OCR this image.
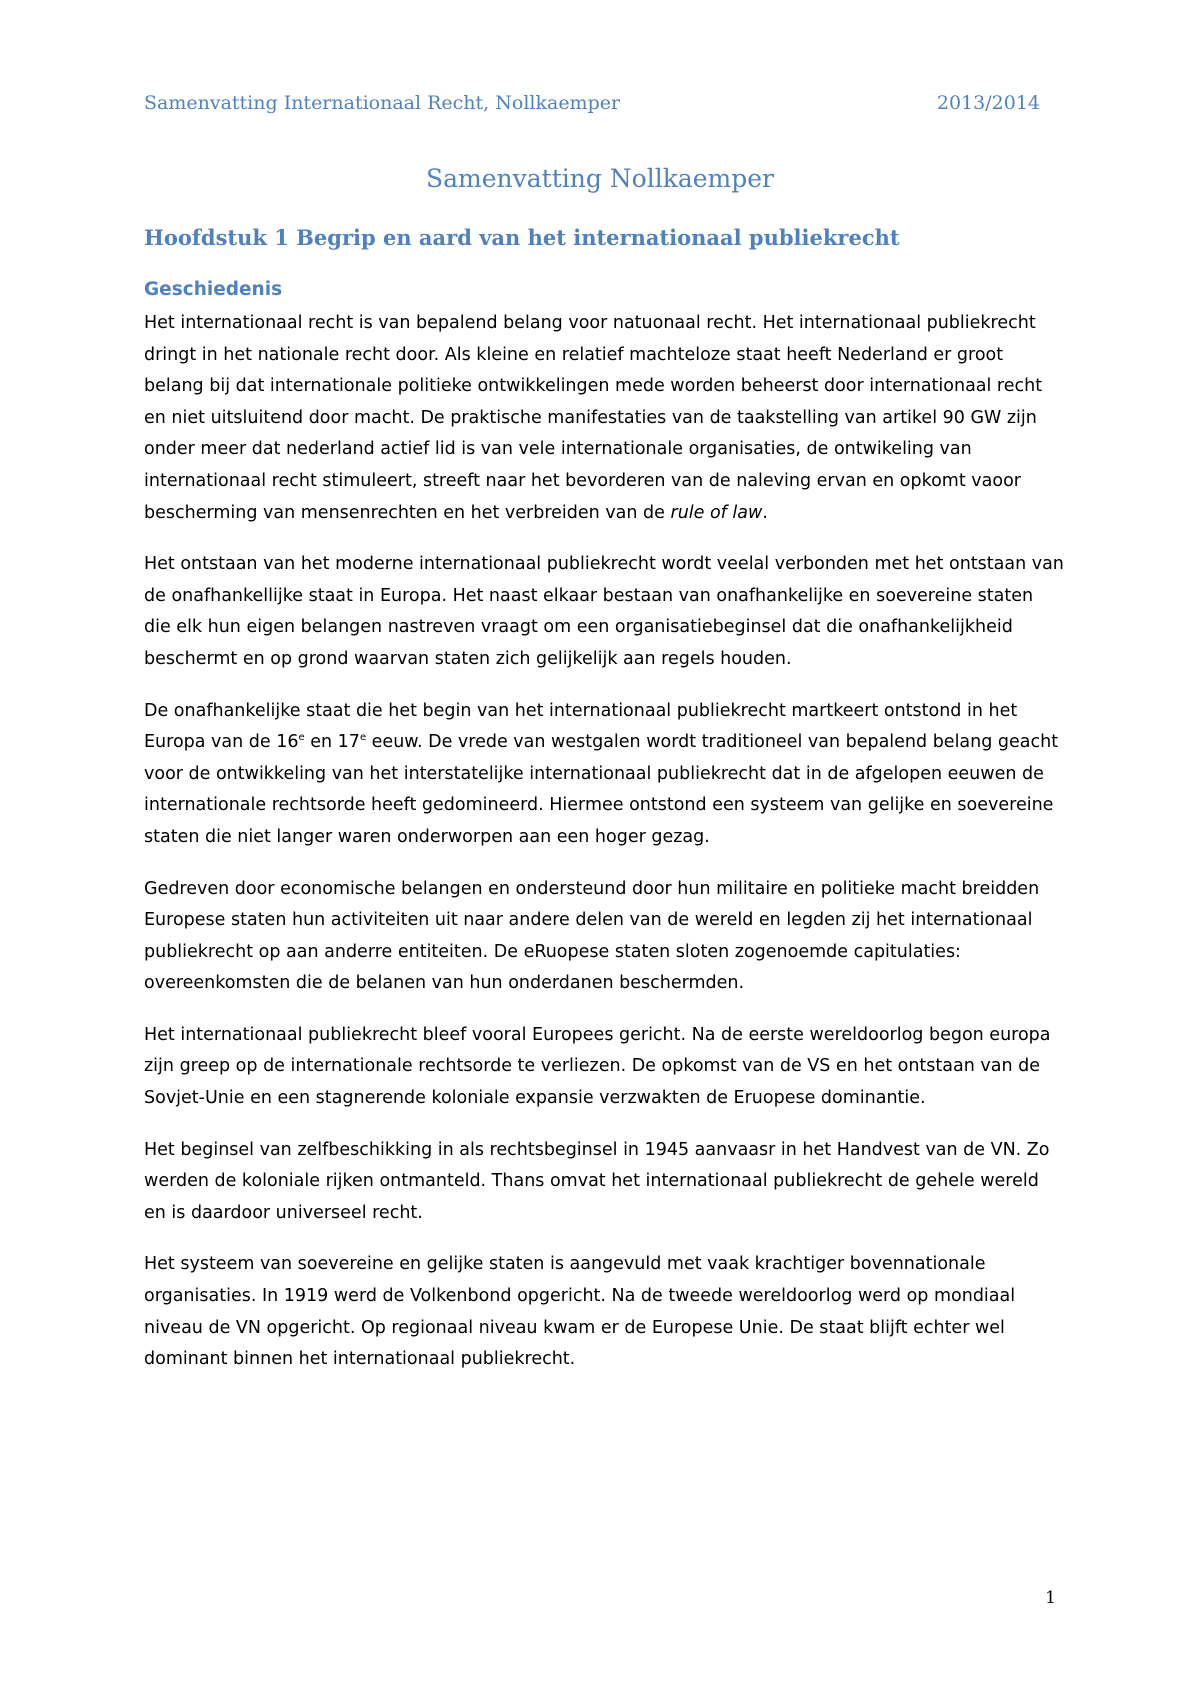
Samenvatting Internationaal Recht, Nollkaemper	2013/2014
Samenvatting Nollkaemper
Hoofdstuk 1 Begrip en aard van het internationaal publiekrecht
Geschiedenis

Het internationaal recht is van bepalend belang voor natuonaal recht. Het internationaal publiekrecht dringt in het nationale recht door. Als kleine en relatief machteloze staat heeft Nederland er groot belang bij dat internationale politieke ontwikkelingen mede worden beheerst door internationaal recht en niet uitsluitend door macht. De praktische manifestaties van de taakstelling van artikel 90 GW zijn onder meer dat nederland actief lid is van vele internationale organisaties, de ontwikeling van internationaal recht stimuleert, streeft naar het bevorderen van de naleving ervan en opkomt vaoor bescherming van mensenrechten en het verbreiden van de rule of law.

Het ontstaan van het moderne internationaal publiekrecht wordt veelal verbonden met het ontstaan van de onafhankellijke staat in Europa. Het naast elkaar bestaan van onafhankelijke en soevereine staten die elk hun eigen belangen nastreven vraagt om een organisatiebeginsel dat die onafhankelijkheid beschermt en op grond waarvan staten zich gelijkelijk aan regels houden.

De onafhankelijke staat die het begin van het internationaal publiekrecht martkeert ontstond in het Europa van de 16e en 17e eeuw. De vrede van westgalen wordt traditioneel van bepalend belang geacht voor de ontwikkeling van het interstatelijke internationaal publiekrecht dat in de afgelopen eeuwen de internationale rechtsorde heeft gedomineerd. Hiermee ontstond een systeem van gelijke en soevereine staten die niet langer waren onderworpen aan een hoger gezag.

Gedreven door economische belangen en ondersteund door hun militaire en politieke macht breidden Europese staten hun activiteiten uit naar andere delen van de wereld en legden zij het internationaal publiekrecht op aan anderre entiteiten. De eRuopese staten sloten zogenoemde capitulaties: overeenkomsten die de belanen van hun onderdanen beschermden.

Het internationaal publiekrecht bleef vooral Europees gericht. Na de eerste wereldoorlog begon europa zijn greep op de internationale rechtsorde te verliezen. De opkomst van de VS en het ontstaan van de Sovjet-Unie en een stagnerende koloniale expansie verzwakten de Eruopese dominantie.

Het beginsel van zelfbeschikking in als rechtsbeginsel in 1945 aanvaasr in het Handvest van de VN. Zo werden de koloniale rijken ontmanteld. Thans omvat het internationaal publiekrecht de gehele wereld en is daardoor universeel recht.

Het systeem van soevereine en gelijke staten is aangevuld met vaak krachtiger bovennationale organisaties. In 1919 werd de Volkenbond opgericht. Na de tweede wereldoorlog werd op mondiaal niveau de VN opgericht. Op regionaal niveau kwam er de Europese Unie. De staat blijft echter wel dominant binnen het internationaal publiekrecht.

1
